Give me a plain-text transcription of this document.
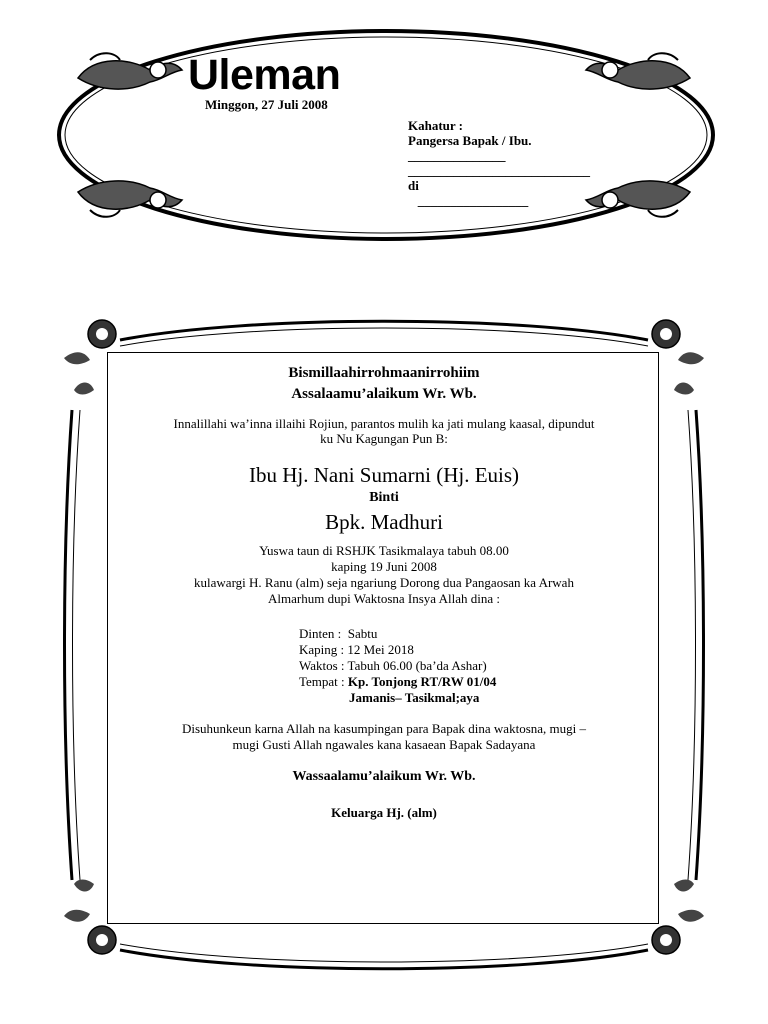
Uleman
Minggon, 27 Juli 2008
Kahatur :
Pangersa Bapak / Ibu.
_______________
____________________________
di
_________________
Bismillaahirrohmaanirrohiim
Assalaamu’alaikum Wr. Wb.
Innalillahi wa’inna illaihi Rojiun, parantos mulih ka jati mulang kaasal, dipundut
ku Nu Kagungan Pun B:
Ibu Hj. Nani Sumarni (Hj. Euis)
Binti
Bpk. Madhuri
Yuswa taun di RSHJK Tasikmalaya tabuh 08.00
kaping 19 Juni 2008
kulawargi H. Ranu (alm) seja ngariung Dorong dua Pangaosan ka Arwah
Almarhum dupi Waktosna Insya Allah dina :
Dinten :  Sabtu
Kaping : 12 Mei 2018
Waktos : Tabuh 06.00 (ba’da Ashar)
Tempat : Kp. Tonjong RT/RW 01/04
Jamanis– Tasikmal;aya
Disuhunkeun karna Allah na kasumpingan para Bapak dina waktosna, mugi –
mugi Gusti Allah ngawales kana kasaean Bapak Sadayana
Wassaalamu’alaikum Wr. Wb.
Keluarga Hj. (alm)
